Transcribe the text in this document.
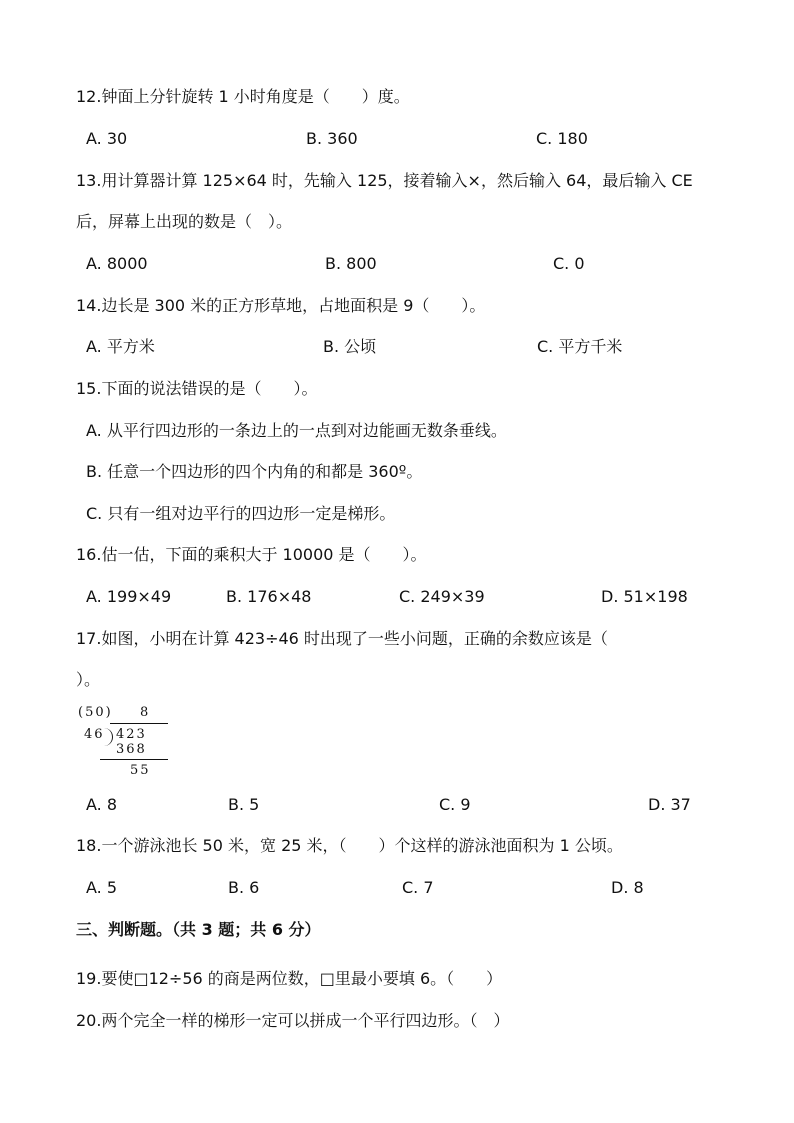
12.钟面上分针旋转 1 小时角度是（　　）度。
A. 30	B. 360	C. 180
13.用计算器计算 125×64 时，先输入 125，接着输入×，然后输入 64，最后输入 CE
后，屏幕上出现的数是（　）。
A. 8000	B. 800	C. 0
14.边长是 300 米的正方形草地，占地面积是 9（　　）。
A. 平方米	B. 公顷	C. 平方千米
15.下面的说法错误的是（　　）。
A. 从平行四边形的一条边上的一点到对边能画无数条垂线。
B. 任意一个四边形的四个内角的和都是 360º。
C. 只有一组对边平行的四边形一定是梯形。
16.估一估，下面的乘积大于 10000 是（　　）。
A. 199×49	B. 176×48	C. 249×39	D. 51×198
17.如图，小明在计算 423÷46 时出现了一些小问题，正确的余数应该是（
）。
(50) 8
46 423
368
55
A. 8	B. 5	C. 9	D. 37
18.一个游泳池长 50 米，宽 25 米，（　　）个这样的游泳池面积为 1 公顷。
A. 5	B. 6	C. 7	D. 8
三、判断题。（共 3 题；共 6 分）
19.要使□12÷56 的商是两位数，□里最小要填 6。（　　）
20.两个完全一样的梯形一定可以拼成一个平行四边形。（　）
